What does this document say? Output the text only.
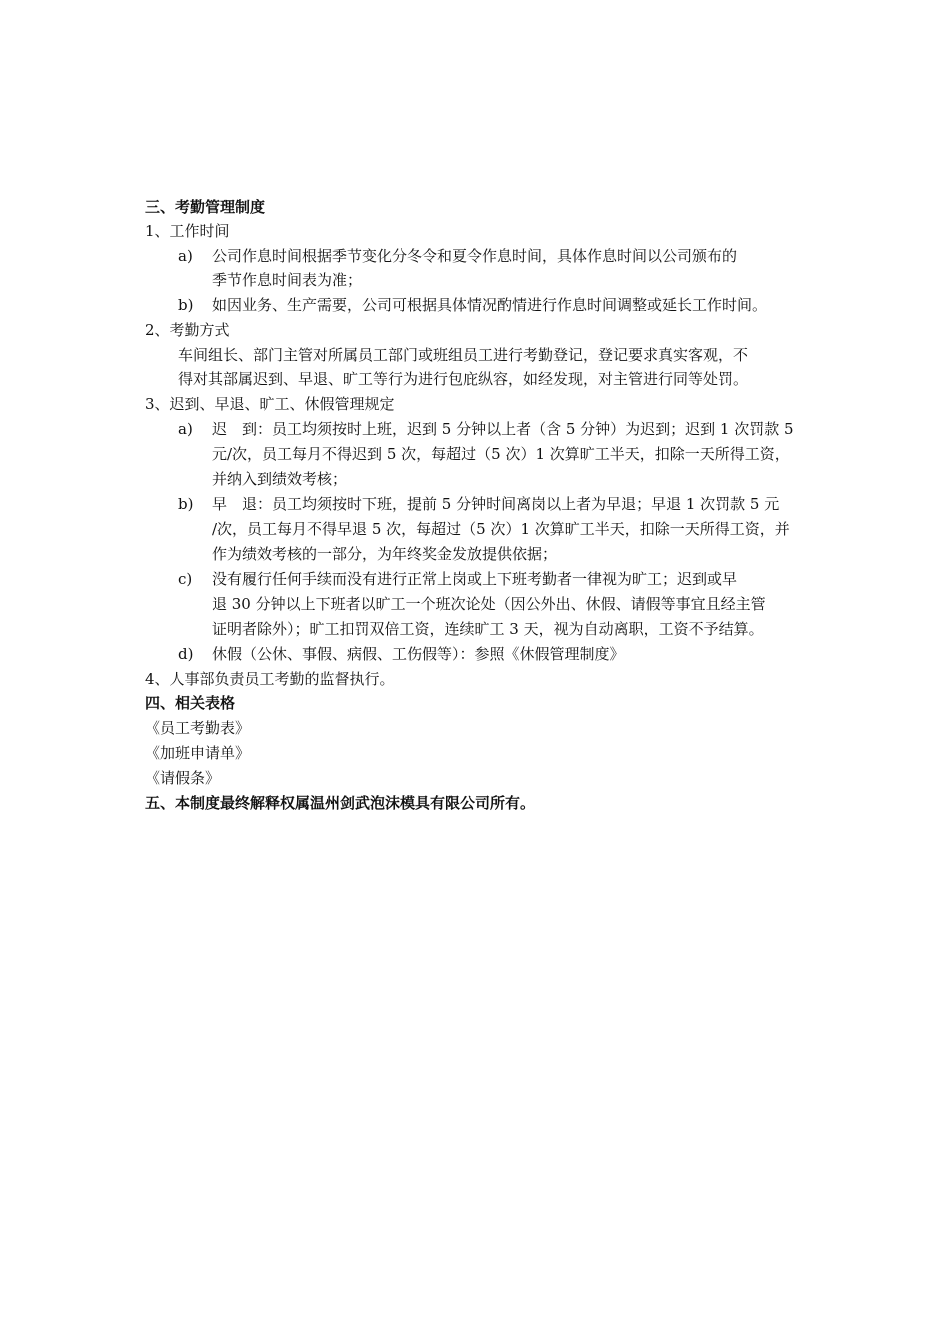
三、考勤管理制度
1、工作时间
a) 公司作息时间根据季节变化分冬令和夏令作息时间，具体作息时间以公司颁布的
季节作息时间表为准；
b) 如因业务、生产需要，公司可根据具体情况酌情进行作息时间调整或延长工作时间。
2、考勤方式
车间组长、部门主管对所属员工部门或班组员工进行考勤登记，登记要求真实客观，不
得对其部属迟到、早退、旷工等行为进行包庇纵容，如经发现，对主管进行同等处罚。
3、迟到、早退、旷工、休假管理规定
a) 迟　到：员工均须按时上班，迟到 5 分钟以上者（含 5 分钟）为迟到；迟到 1 次罚款 5
元/次，员工每月不得迟到 5 次，每超过（5 次）1 次算旷工半天，扣除一天所得工资，
并纳入到绩效考核；
b) 早　退：员工均须按时下班，提前 5 分钟时间离岗以上者为早退；早退 1 次罚款 5 元
/次，员工每月不得早退 5 次，每超过（5 次）1 次算旷工半天，扣除一天所得工资，并
作为绩效考核的一部分，为年终奖金发放提供依据；
c) 没有履行任何手续而没有进行正常上岗或上下班考勤者一律视为旷工；迟到或早
退 30 分钟以上下班者以旷工一个班次论处（因公外出、休假、请假等事宜且经主管
证明者除外）；旷工扣罚双倍工资，连续旷工 3 天，视为自动离职，工资不予结算。
d) 休假（公休、事假、病假、工伤假等）：参照《休假管理制度》
4、人事部负责员工考勤的监督执行。
四、相关表格
《员工考勤表》
《加班申请单》
《请假条》
五、本制度最终解释权属温州剑武泡沫模具有限公司所有。
